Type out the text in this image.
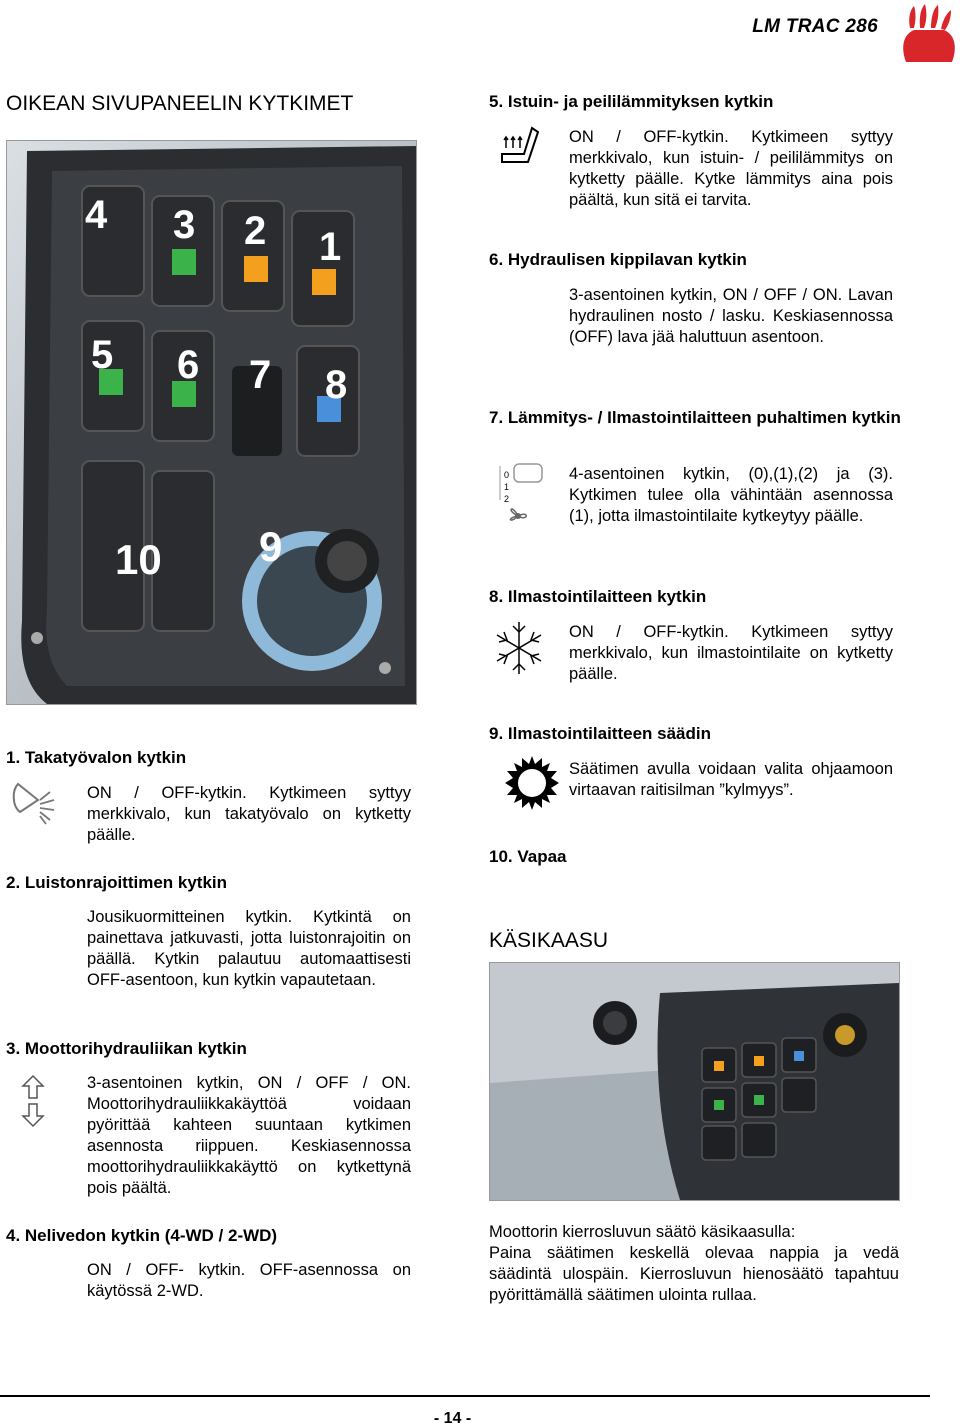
LM TRAC 286
OIKEAN SIVUPANEELIN KYTKIMET
4 3 2 1
5 6 7 8
10 9
5. Istuin- ja peililämmityksen kytkin
ON / OFF-kytkin. Kytkimeen syttyy merkkivalo, kun istuin- / peililämmitys on kytketty päälle. Kytke lämmitys aina pois päältä, kun sitä ei tarvita.
6. Hydraulisen kippilavan kytkin
3-asentoinen kytkin, ON / OFF / ON. Lavan hydraulinen nosto / lasku. Keskiasennossa (OFF) lava jää haluttuun asentoon.
7. Lämmitys- / Ilmastointilaitteen puhaltimen kytkin
0
1
2
4-asentoinen kytkin, (0),(1),(2) ja (3). Kytkimen tulee olla vähintään asennossa (1), jotta ilmastointilaite kytkeytyy päälle.
8. Ilmastointilaitteen kytkin
ON / OFF-kytkin. Kytkimeen syttyy merkkivalo, kun ilmastointilaite on kytketty päälle.
9. Ilmastointilaitteen säädin
Säätimen avulla voidaan valita ohjaamoon virtaavan raitisilman ”kylmyys”.
10. Vapaa
KÄSIKAASU
Moottorin kierrosluvun säätö käsikaasulla:
Paina säätimen keskellä olevaa nappia ja vedä säädintä ulospäin. Kierrosluvun hienosäätö tapahtuu pyörittämällä säätimen ulointa rullaa.
1. Takatyövalon kytkin
ON / OFF-kytkin. Kytkimeen syttyy merkkivalo, kun takatyövalo on kytketty päälle.
2. Luistonrajoittimen kytkin
Jousikuormitteinen kytkin. Kytkintä on painettava jatkuvasti, jotta luistonrajoitin on päällä. Kytkin palautuu automaattisesti OFF-asentoon, kun kytkin vapautetaan.
3. Moottorihydrauliikan kytkin
3-asentoinen kytkin, ON / OFF / ON. Moottorihydrauliikkakäyttöä voidaan pyörittää kahteen suuntaan kytkimen asennosta riippuen. Keskiasennossa moottorihydrauliikkakäyttö on kytkettynä pois päältä.
4. Nelivedon kytkin (4-WD / 2-WD)
ON / OFF- kytkin. OFF-asennossa on käytössä 2-WD.
- 14 -
